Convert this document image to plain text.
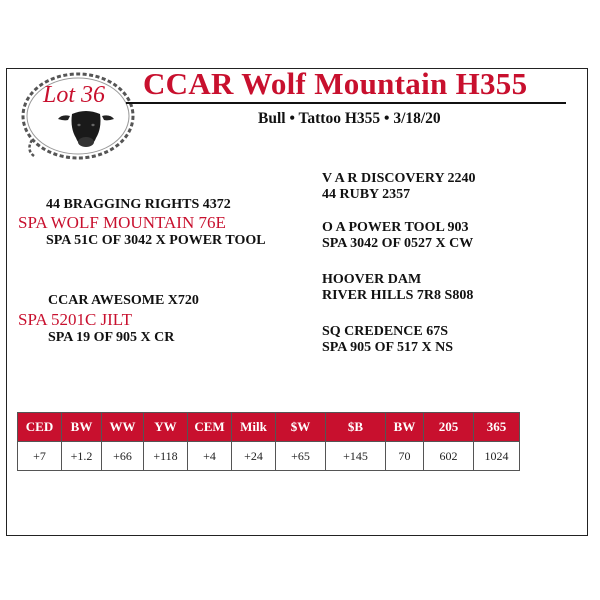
Lot 36 CCAR Wolf Mountain H355
Bull • Tattoo H355 • 3/18/20
44 BRAGGING RIGHTS 4372
SPA WOLF MOUNTAIN 76E
SPA 51C OF 3042 X POWER TOOL
CCAR AWESOME X720
SPA 5201C JILT
SPA 19 OF 905 X CR
V A R DISCOVERY 2240
44 RUBY 2357
O A POWER TOOL 903
SPA 3042 OF 0527 X CW
HOOVER DAM
RIVER HILLS 7R8 S808
SQ CREDENCE 67S
SPA 905 OF 517 X NS
CED	BW	WW	YW	CEM	Milk	$W	$B	BW	205	365
+7	+1.2	+66	+118	+4	+24	+65	+145	70	602	1024
